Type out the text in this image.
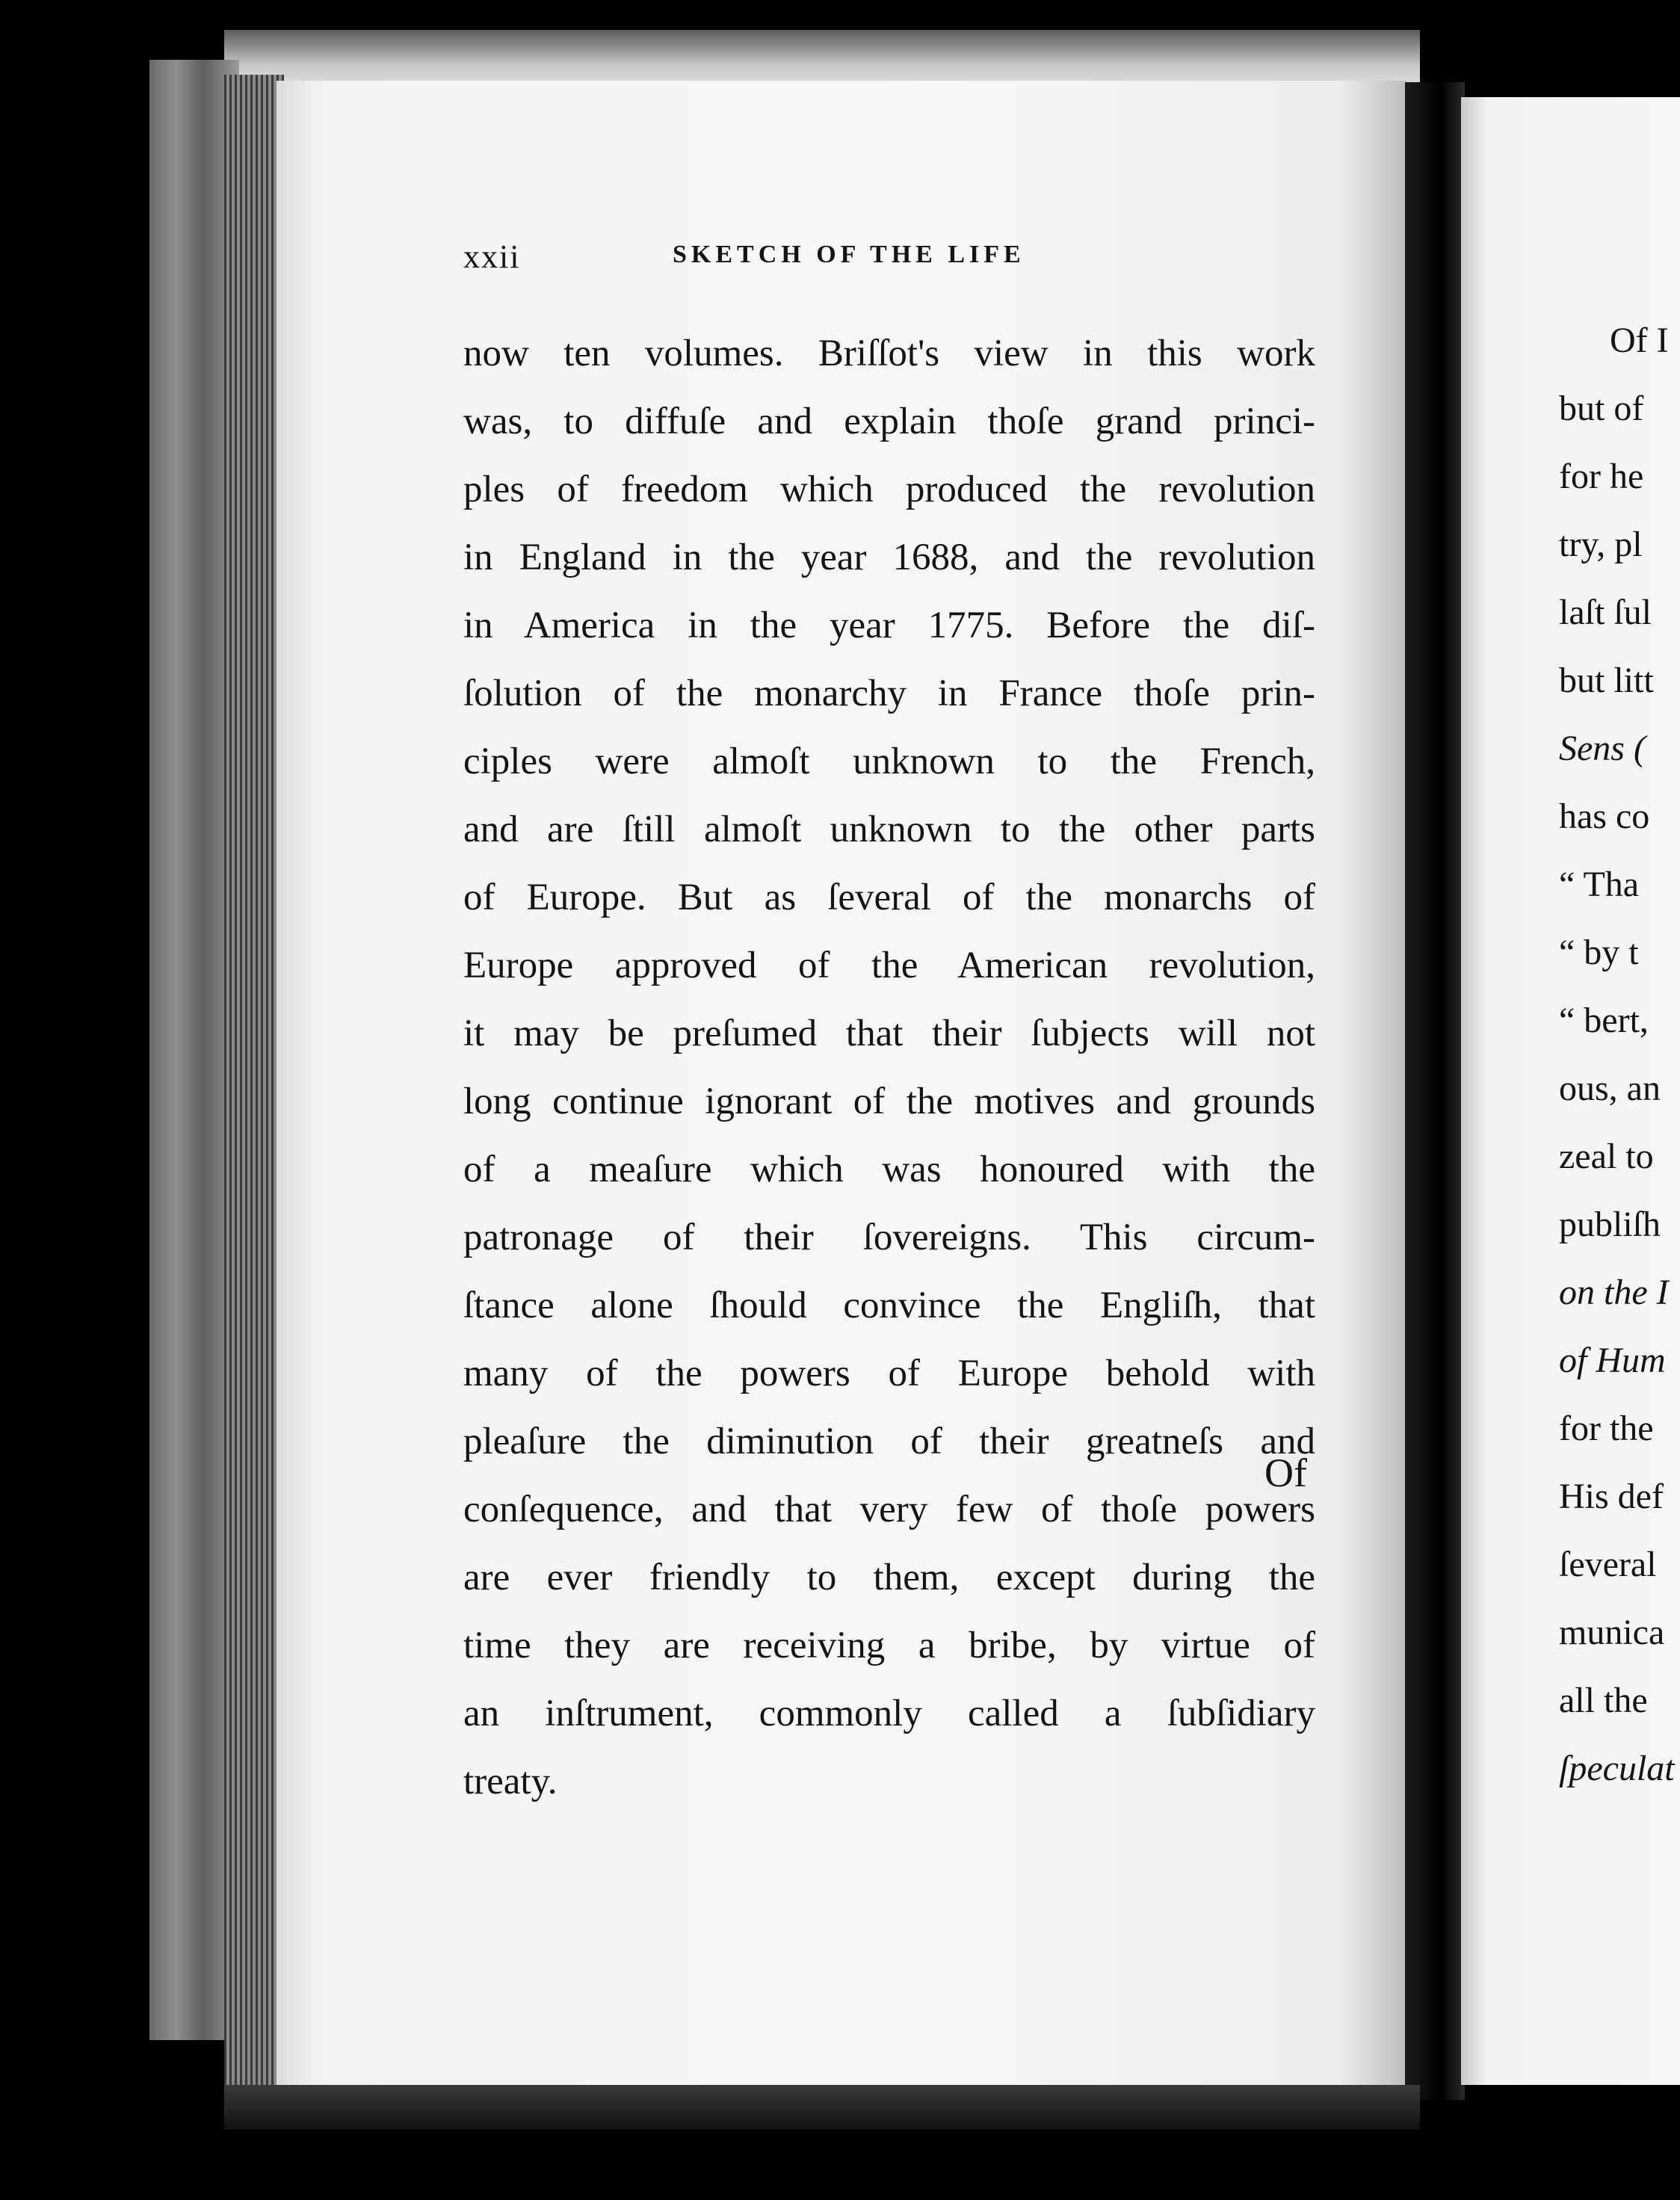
xxii	SKETCH OF THE LIFE
now ten volumes. Briſſot's view in this work
was, to diffuſe and explain thoſe grand princi-
ples of freedom which produced the revolution
in England in the year 1688, and the revolution
in America in the year 1775. Before the diſ-
ſolution of the monarchy in France thoſe prin-
ciples were almoſt unknown to the French,
and are ſtill almoſt unknown to the other parts
of Europe. But as ſeveral of the monarchs of
Europe approved of the American revolution,
it may be preſumed that their ſubjects will not
long continue ignorant of the motives and grounds
of a meaſure which was honoured with the
patronage of their ſovereigns. This circum-
ſtance alone ſhould convince the Engliſh, that
many of the powers of Europe behold with
pleaſure the diminution of their greatneſs and
conſequence, and that very few of thoſe powers
are ever friendly to them, except during the
time they are receiving a bribe, by virtue of
an inſtrument, commonly called a ſubſidiary
treaty.
Of
Of I
but of
for he
try, pl
laſt ſul
but litt
Sens (
has co
“ Tha
“ by t
“ bert,
ous, an
zeal to
publiſh
on the I
of Hum
for the
His def
ſeveral
munica
all the
ſpeculat
